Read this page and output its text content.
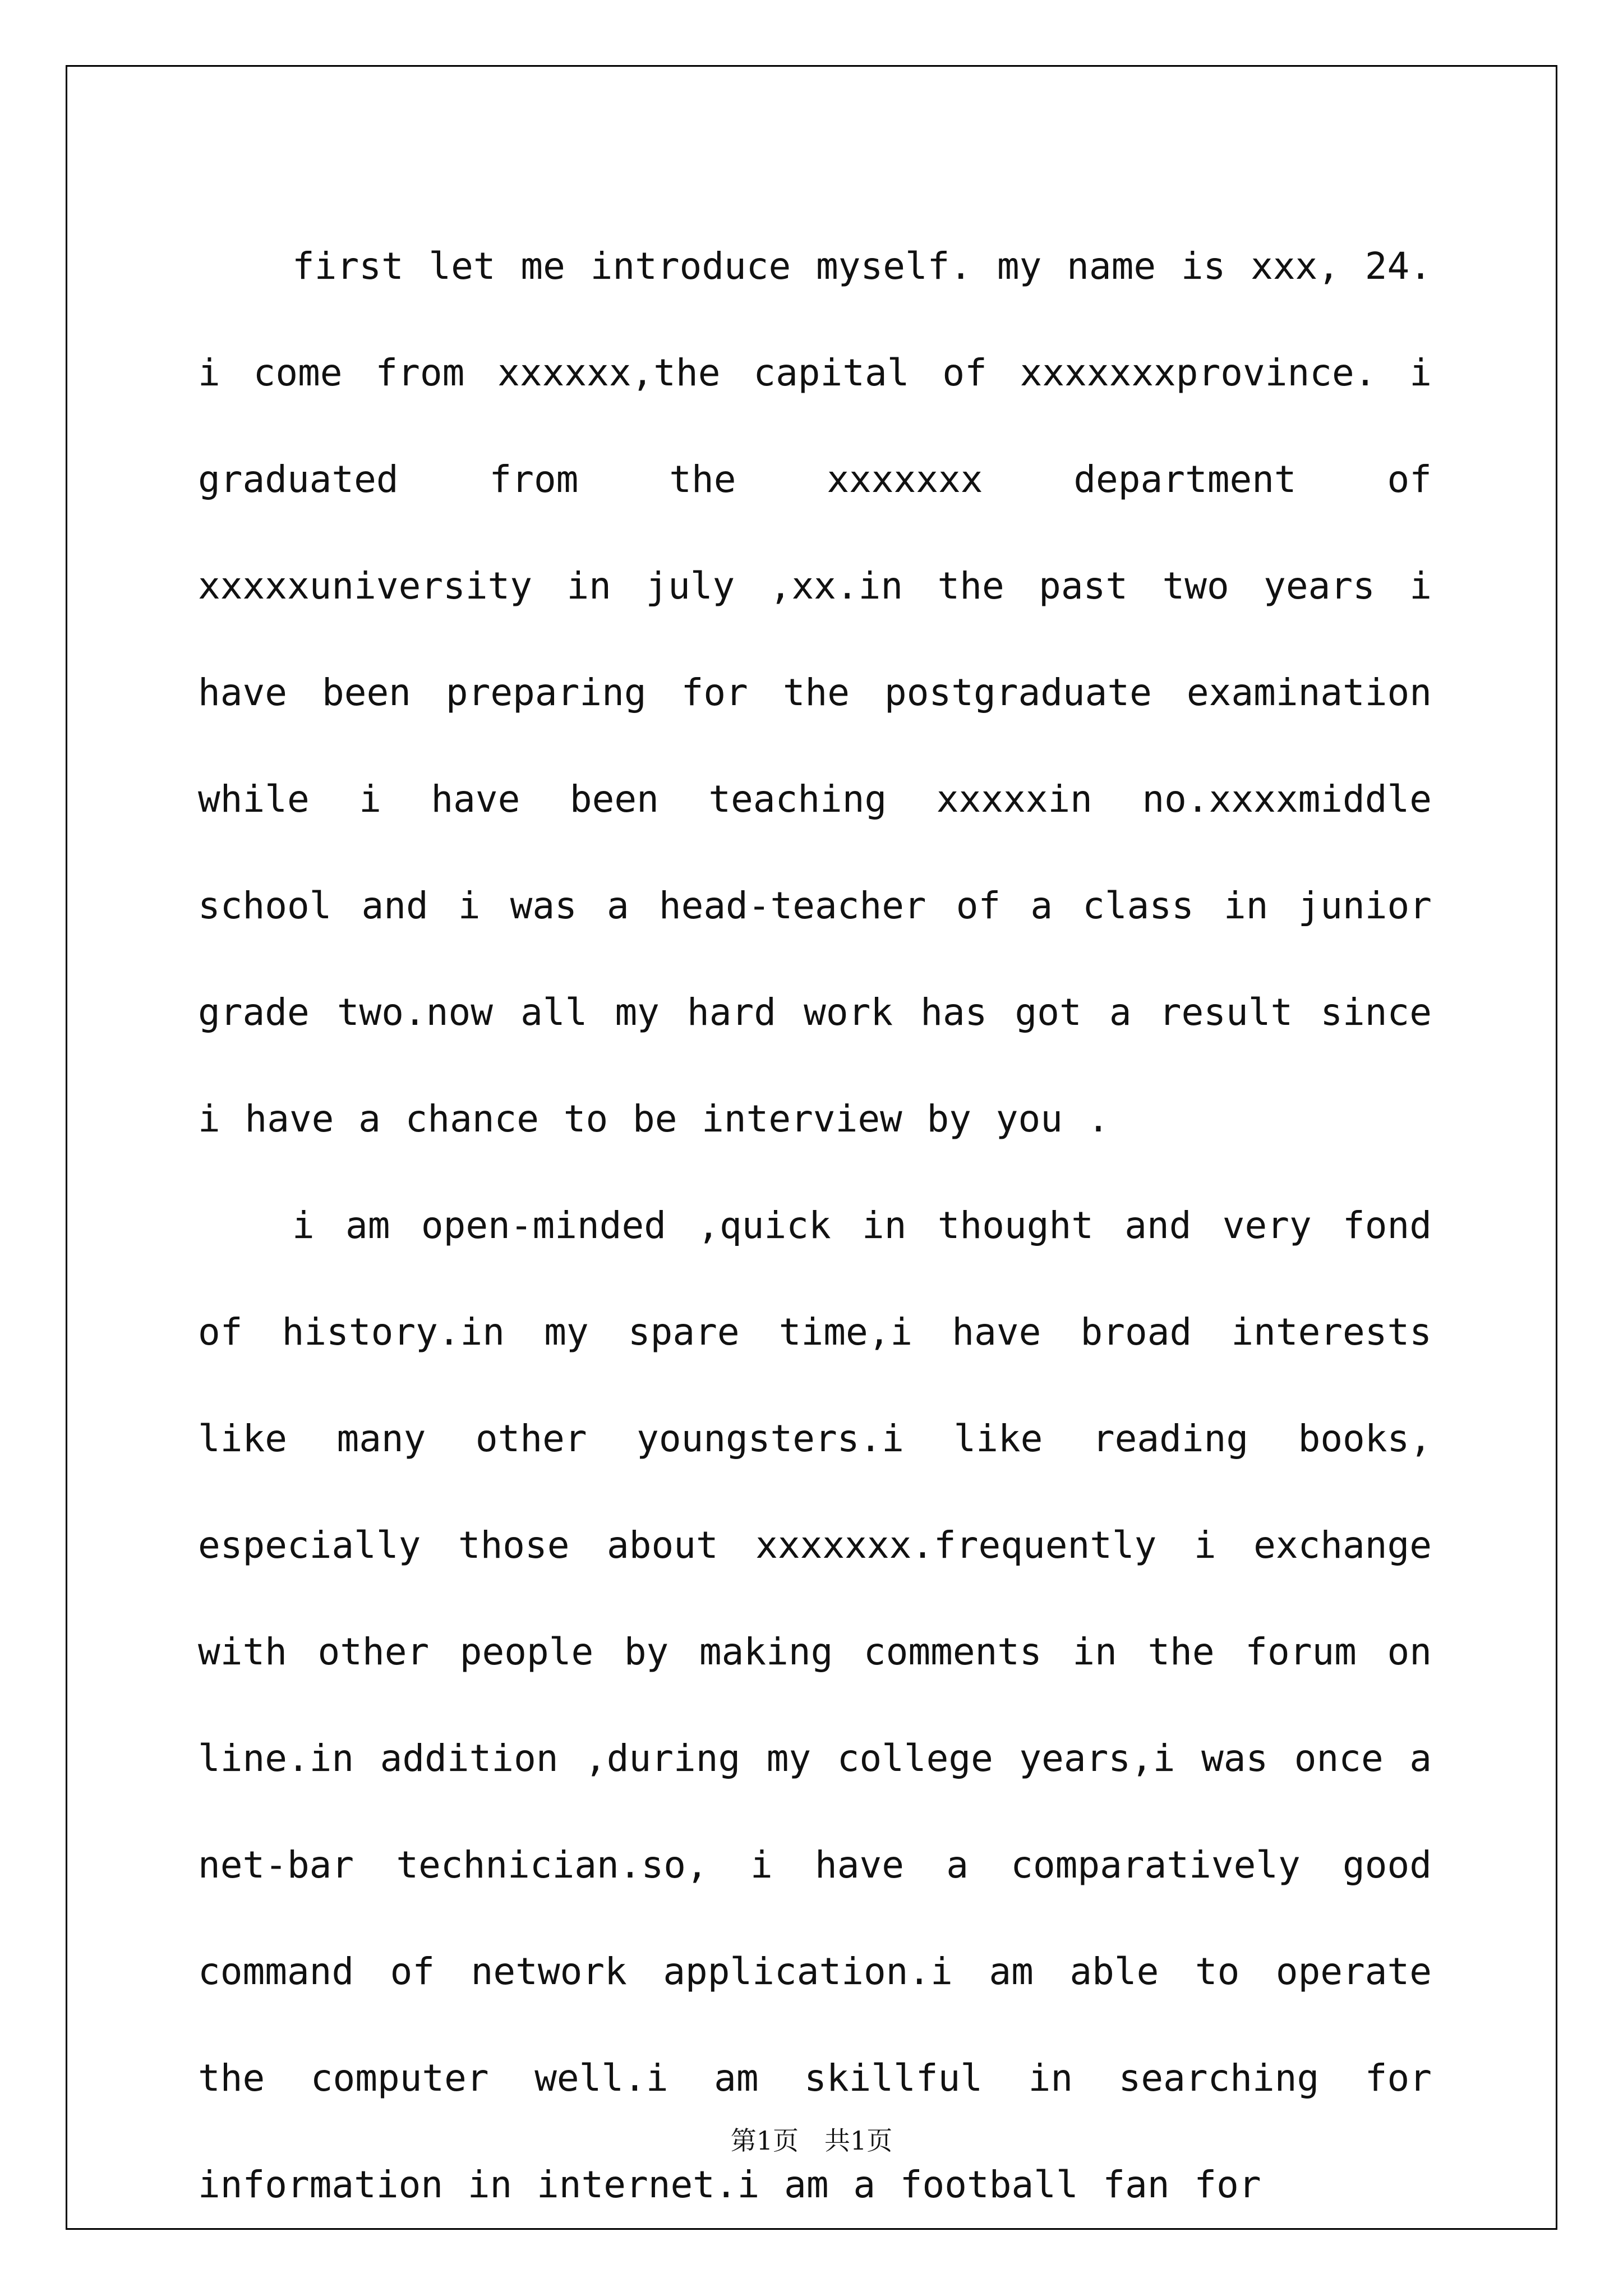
first let me introduce myself. my name is xxx, 24. i come from xxxxxx,the capital of xxxxxxxprovince. i graduated from the xxxxxxx department of xxxxxuniversity in july ,xx.in the past two years i have been preparing for the postgraduate examination while i have been teaching xxxxxin no.xxxxmiddle school and i was a head-teacher of a class in junior grade two.now all my hard work has got a result since i have a chance to be interview by you .

i am open-minded ,quick in thought and very fond of history.in my spare time,i have broad interests like many other youngsters.i like reading books, especially those about xxxxxxx.frequently i exchange with other people by making comments in the forum on line.in addition ,during my college years,i was once a net-bar technician.so, i have a comparatively good command of network application.i am able to operate the computer well.i am skillful in searching for information in internet.i am a football fan for

第1页　共1页
